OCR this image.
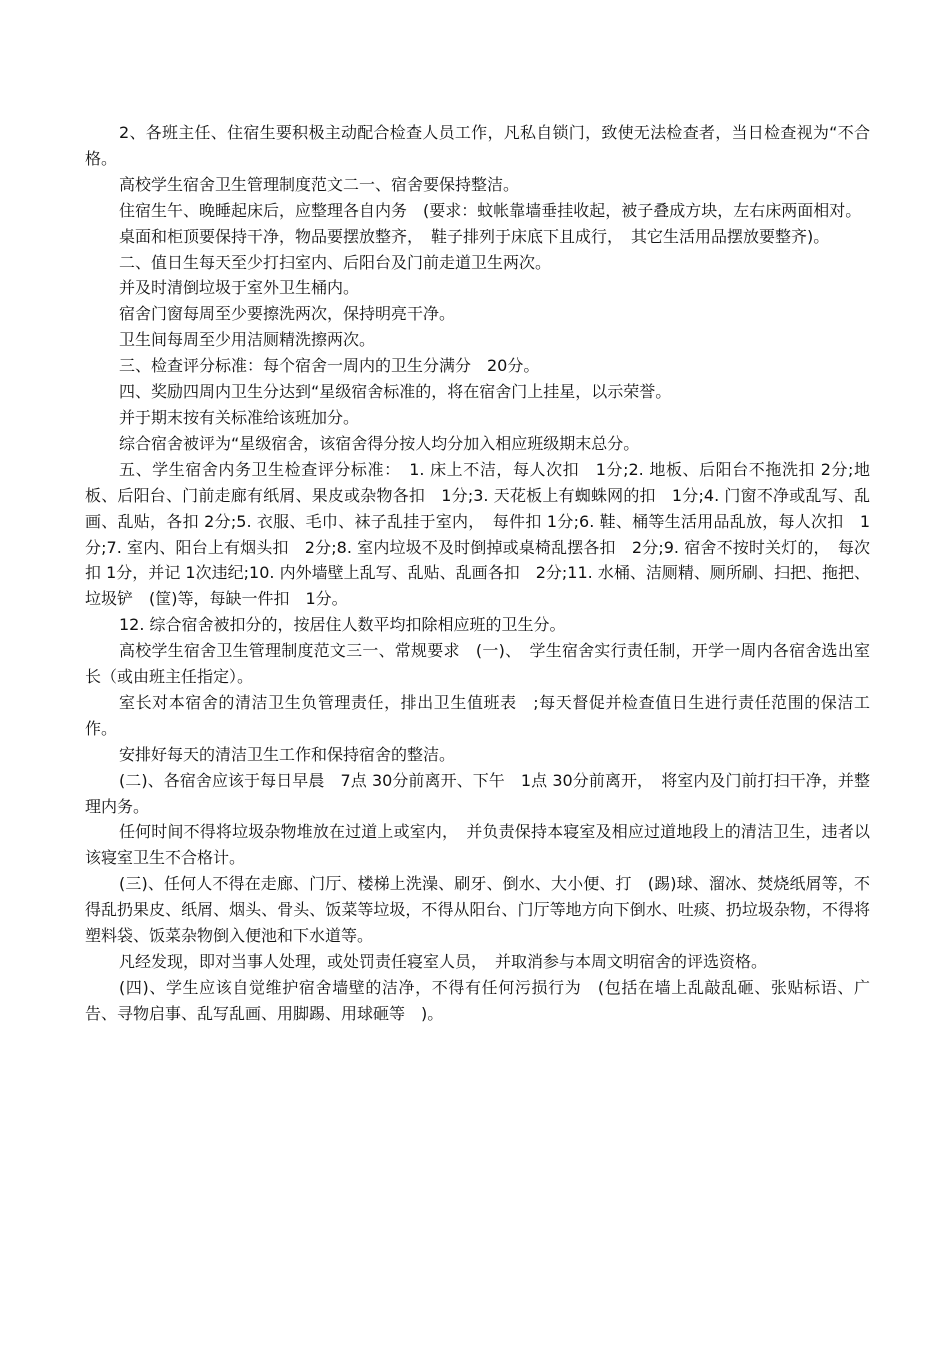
2、各班主任、住宿生要积极主动配合检查人员工作，凡私自锁门，致使无法检查者，当日检查视为“不合格。

高校学生宿舍卫生管理制度范文二一、宿舍要保持整洁。

住宿生午、晚睡起床后，应整理各自内务　(要求：蚊帐靠墙垂挂收起，被子叠成方块，左右床两面相对。

桌面和柜顶要保持干净，物品要摆放整齐，　鞋子排列于床底下且成行，　其它生活用品摆放要整齐)。

二、值日生每天至少打扫室内、后阳台及门前走道卫生两次。

并及时清倒垃圾于室外卫生桶内。

宿舍门窗每周至少要擦洗两次，保持明亮干净。

卫生间每周至少用洁厕精洗擦两次。

三、检查评分标准：每个宿舍一周内的卫生分满分　20分。

四、奖励四周内卫生分达到“星级宿舍标准的，将在宿舍门上挂星，以示荣誉。

并于期末按有关标准给该班加分。

综合宿舍被评为“星级宿舍，该宿舍得分按人均分加入相应班级期末总分。

五、学生宿舍内务卫生检查评分标准：　1. 床上不洁，每人次扣　1分;2. 地板、后阳台不拖洗扣 2分;地板、后阳台、门前走廊有纸屑、果皮或杂物各扣　1分;3. 天花板上有蜘蛛网的扣　1分;4. 门窗不净或乱写、乱画、乱贴，各扣 2分;5. 衣服、毛巾、袜子乱挂于室内，　每件扣 1分;6. 鞋、桶等生活用品乱放，每人次扣　1分;7. 室内、阳台上有烟头扣　2分;8. 室内垃圾不及时倒掉或桌椅乱摆各扣　2分;9. 宿舍不按时关灯的，　每次扣 1分，并记 1次违纪;10. 内外墙壁上乱写、乱贴、乱画各扣　2分;11. 水桶、洁厕精、厕所刷、扫把、拖把、垃圾铲　(筐)等，每缺一件扣　1分。

12. 综合宿舍被扣分的，按居住人数平均扣除相应班的卫生分。

高校学生宿舍卫生管理制度范文三一、常规要求　(一)、　学生宿舍实行责任制，开学一周内各宿舍选出室长（或由班主任指定）。

室长对本宿舍的清洁卫生负管理责任，排出卫生值班表　;每天督促并检查值日生进行责任范围的保洁工作。

安排好每天的清洁卫生工作和保持宿舍的整洁。

(二)、各宿舍应该于每日早晨　7点 30分前离开、下午　1点 30分前离开，　将室内及门前打扫干净，并整理内务。

任何时间不得将垃圾杂物堆放在过道上或室内，　并负责保持本寝室及相应过道地段上的清洁卫生，违者以该寝室卫生不合格计。

(三)、任何人不得在走廊、门厅、楼梯上洗澡、刷牙、倒水、大小便、打　(踢)球、溜冰、焚烧纸屑等，不得乱扔果皮、纸屑、烟头、骨头、饭菜等垃圾，不得从阳台、门厅等地方向下倒水、吐痰、扔垃圾杂物，不得将塑料袋、饭菜杂物倒入便池和下水道等。

凡经发现，即对当事人处理，或处罚责任寝室人员，　并取消参与本周文明宿舍的评选资格。

(四)、学生应该自觉维护宿舍墙壁的洁净，不得有任何污损行为　(包括在墙上乱敲乱砸、张贴标语、广告、寻物启事、乱写乱画、用脚踢、用球砸等　)。
